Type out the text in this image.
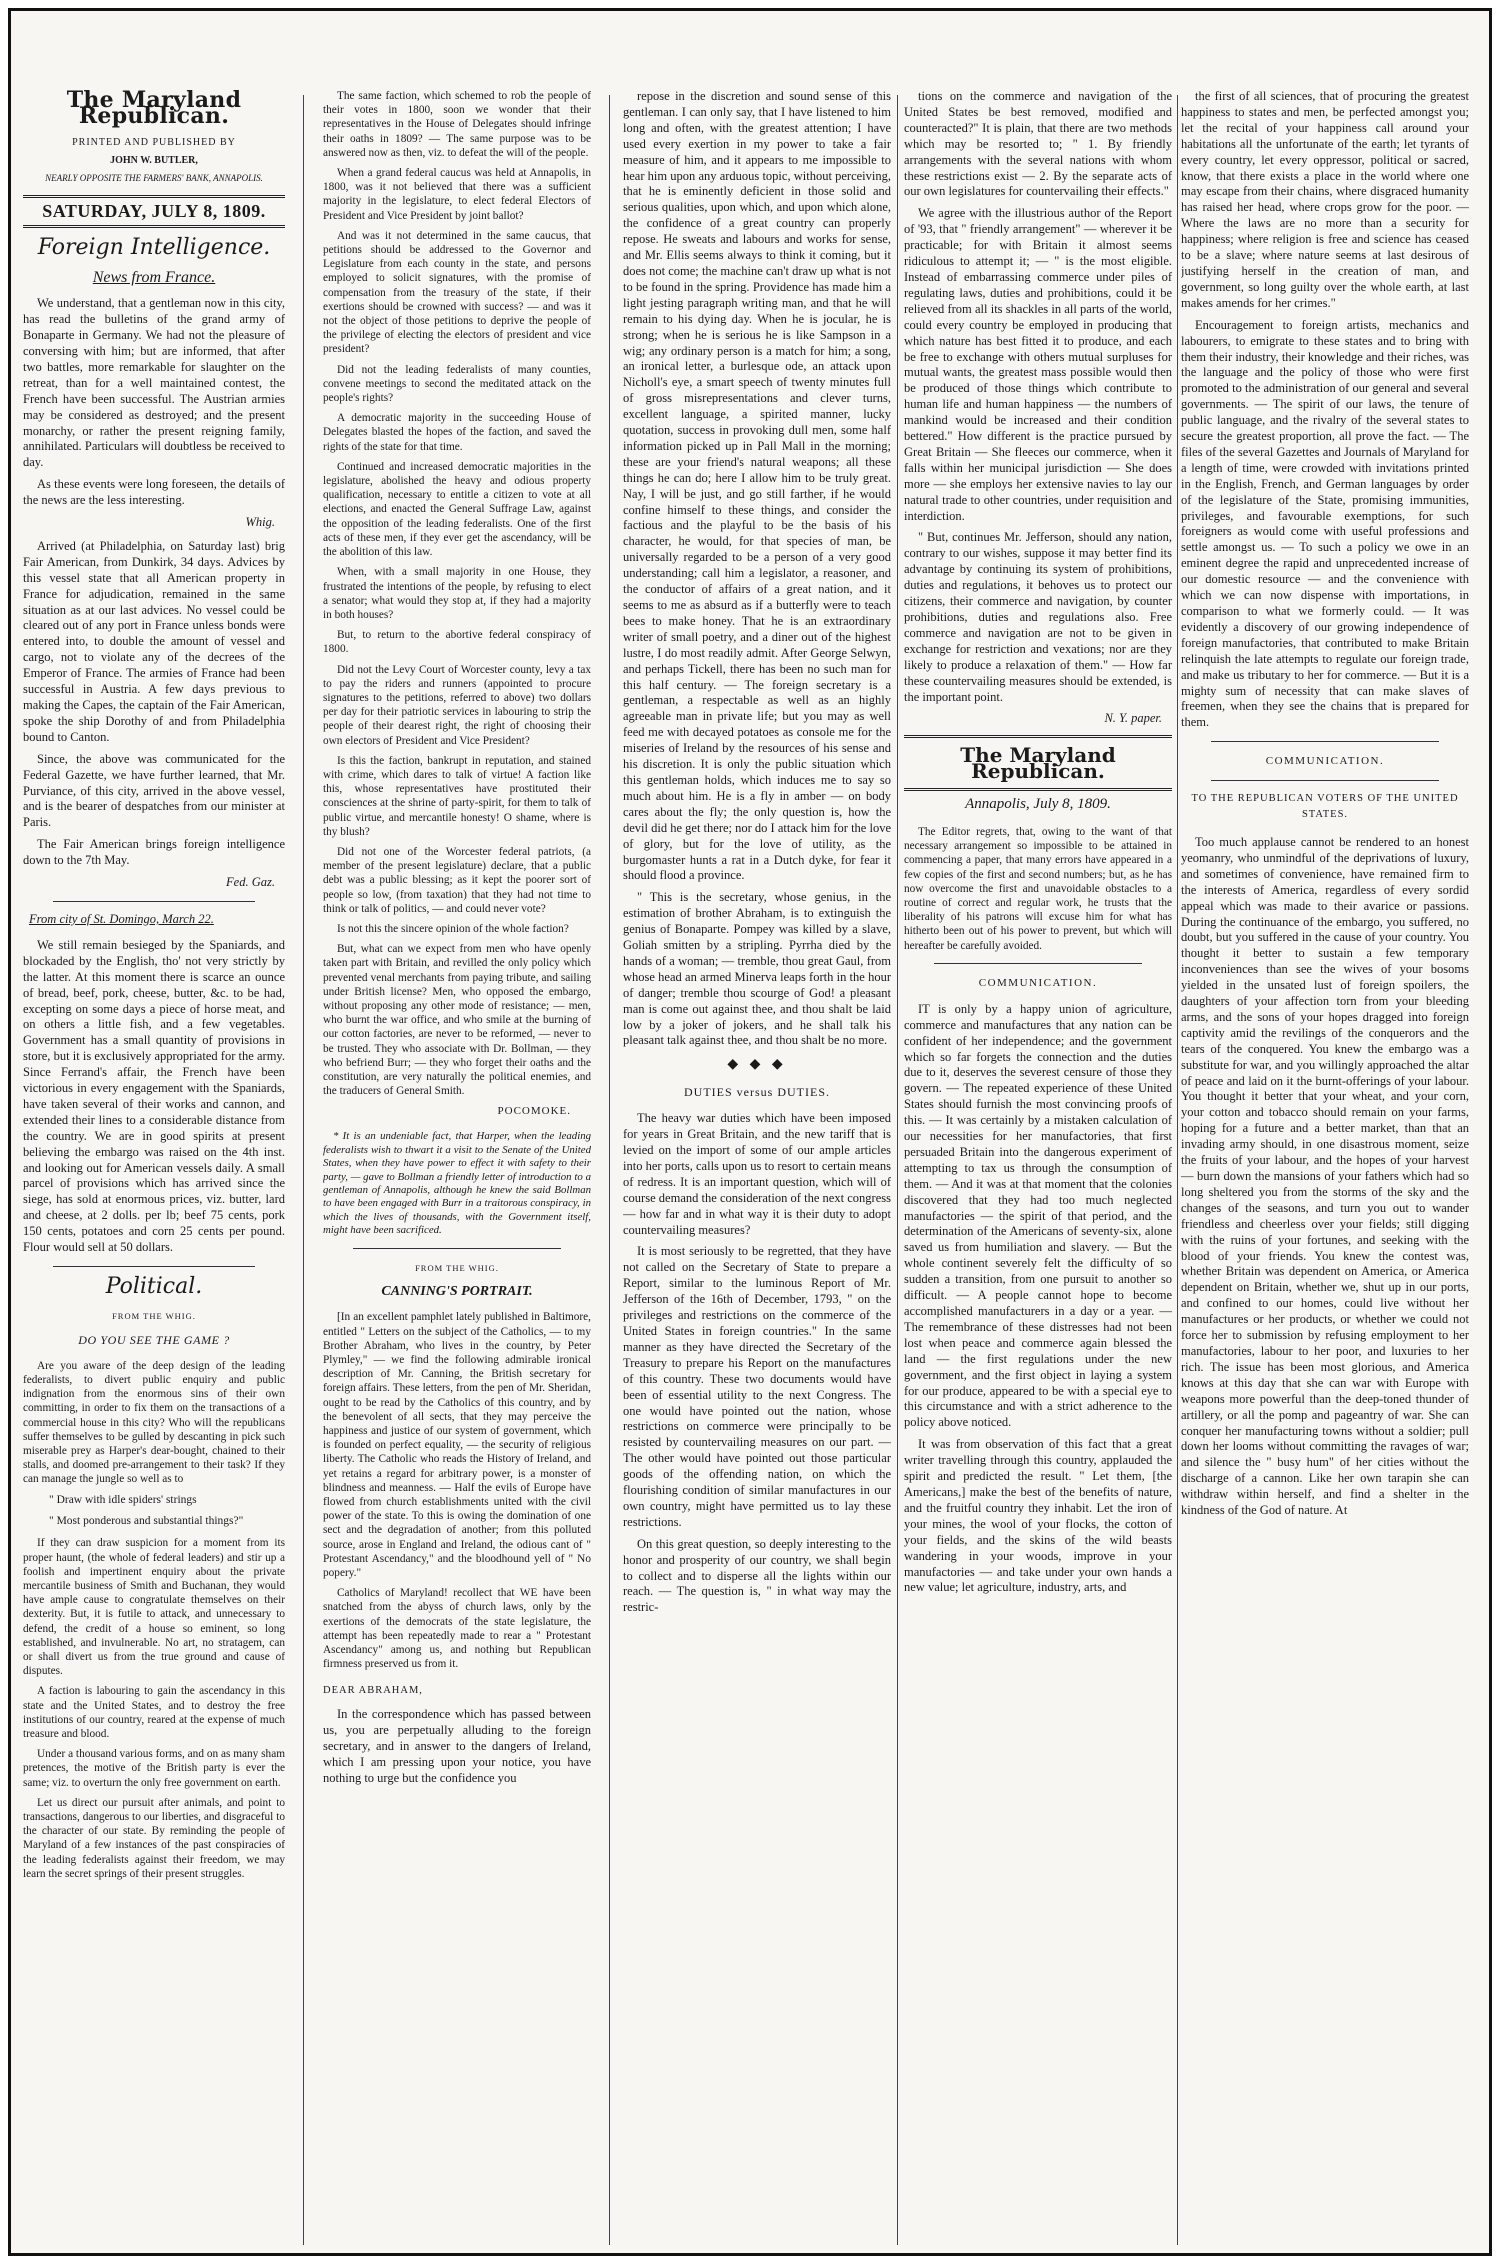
The Maryland Republican.
PRINTED AND PUBLISHED BY
JOHN W. BUTLER,
NEARLY OPPOSITE THE FARMERS' BANK, ANNAPOLIS.
SATURDAY, JULY 8, 1809.
Foreign Intelligence.
News from France.

We understand, that a gentleman now in this city, has read the bulletins of the grand army of Bonaparte in Germany. We had not the pleasure of conversing with him; but are informed, that after two battles, more remarkable for slaughter on the retreat, than for a well maintained contest, the French have been successful. The Austrian armies may be considered as destroyed; and the present monarchy, or rather the present reigning family, annihilated. Particulars will doubtless be received to day.

As these events were long foreseen, the details of the news are the less interesting.

Whig.

Arrived (at Philadelphia, on Saturday last) brig Fair American, from Dunkirk, 34 days. Advices by this vessel state that all American property in France for adjudication, remained in the same situation as at our last advices. No vessel could be cleared out of any port in France unless bonds were entered into, to double the amount of vessel and cargo, not to violate any of the decrees of the Emperor of France. The armies of France had been successful in Austria. A few days previous to making the Capes, the captain of the Fair American, spoke the ship Dorothy of and from Philadelphia bound to Canton.

Since, the above was communicated for the Federal Gazette, we have further learned, that Mr. Purviance, of this city, arrived in the above vessel, and is the bearer of despatches from our minister at Paris.

The Fair American brings foreign intelligence down to the 7th May.

Fed. Gaz.
From city of St. Domingo, March 22.

We still remain besieged by the Spaniards, and blockaded by the English, tho' not very strictly by the latter. At this moment there is scarce an ounce of bread, beef, pork, cheese, butter, &c. to be had, excepting on some days a piece of horse meat, and on others a little fish, and a few vegetables. Government has a small quantity of provisions in store, but it is exclusively appropriated for the army. Since Ferrand's affair, the French have been victorious in every engagement with the Spaniards, have taken several of their works and cannon, and extended their lines to a considerable distance from the country. We are in good spirits at present believing the embargo was raised on the 4th inst. and looking out for American vessels daily. A small parcel of provisions which has arrived since the siege, has sold at enormous prices, viz. butter, lard and cheese, at 2 dolls. per lb; beef 75 cents, pork 150 cents, potatoes and corn 25 cents per pound. Flour would sell at 50 dollars.

Political.
FROM THE WHIG.
DO YOU SEE THE GAME ?

Are you aware of the deep design of the leading federalists, to divert public enquiry and public indignation from the enormous sins of their own committing, in order to fix them on the transactions of a commercial house in this city? Who will the republicans suffer themselves to be gulled by descanting in pick such miserable prey as Harper's dear-bought, chained to their stalls, and doomed pre-arrangement to their task? If they can manage the jungle so well as to

" Draw with idle spiders' strings
" Most ponderous and substantial things?"

If they can draw suspicion for a moment from its proper haunt, (the whole of federal leaders) and stir up a foolish and impertinent enquiry about the private mercantile business of Smith and Buchanan, they would have ample cause to congratulate themselves on their dexterity. But, it is futile to attack, and unnecessary to defend, the credit of a house so eminent, so long established, and invulnerable. No art, no stratagem, can or shall divert us from the true ground and cause of disputes.

A faction is labouring to gain the ascendancy in this state and the United States, and to destroy the free institutions of our country, reared at the expense of much treasure and blood.

Under a thousand various forms, and on as many sham pretences, the motive of the British party is ever the same; viz. to overturn the only free government on earth.

Let us direct our pursuit after animals, and point to transactions, dangerous to our liberties, and disgraceful to the character of our state. By reminding the people of Maryland of a few instances of the past conspiracies of the leading federalists against their freedom, we may learn the secret springs of their present struggles.

The same faction, which schemed to rob the people of their votes in 1800, soon we wonder that their representatives in the House of Delegates should infringe their oaths in 1809? — The same purpose was to be answered now as then, viz. to defeat the will of the people.

When a grand federal caucus was held at Annapolis, in 1800, was it not believed that there was a sufficient majority in the legislature, to elect federal Electors of President and Vice President by joint ballot?

And was it not determined in the same caucus, that petitions should be addressed to the Governor and Legislature from each county in the state, and persons employed to solicit signatures, with the promise of compensation from the treasury of the state, if their exertions should be crowned with success? — and was it not the object of those petitions to deprive the people of the privilege of electing the electors of president and vice president?

Did not the leading federalists of many counties, convene meetings to second the meditated attack on the people's rights?

A democratic majority in the succeeding House of Delegates blasted the hopes of the faction, and saved the rights of the state for that time.

Continued and increased democratic majorities in the legislature, abolished the heavy and odious property qualification, necessary to entitle a citizen to vote at all elections, and enacted the General Suffrage Law, against the opposition of the leading federalists. One of the first acts of these men, if they ever get the ascendancy, will be the abolition of this law.

When, with a small majority in one House, they frustrated the intentions of the people, by refusing to elect a senator; what would they stop at, if they had a majority in both houses?

But, to return to the abortive federal conspiracy of 1800.

Did not the Levy Court of Worcester county, levy a tax to pay the riders and runners (appointed to procure signatures to the petitions, referred to above) two dollars per day for their patriotic services in labouring to strip the people of their dearest right, the right of choosing their own electors of President and Vice President?

Is this the faction, bankrupt in reputation, and stained with crime, which dares to talk of virtue! A faction like this, whose representatives have prostituted their consciences at the shrine of party-spirit, for them to talk of public virtue, and mercantile honesty! O shame, where is thy blush?

Did not one of the Worcester federal patriots, (a member of the present legislature) declare, that a public debt was a public blessing; as it kept the poorer sort of people so low, (from taxation) that they had not time to think or talk of politics, — and could never vote?

Is not this the sincere opinion of the whole faction?

But, what can we expect from men who have openly taken part with Britain, and revilled the only policy which prevented venal merchants from paying tribute, and sailing under British license? Men, who opposed the embargo, without proposing any other mode of resistance; — men, who burnt the war office, and who smile at the burning of our cotton factories, are never to be reformed, — never to be trusted. They who associate with Dr. Bollman, — they who befriend Burr; — they who forget their oaths and the constitution, are very naturally the political enemies, and the traducers of General Smith.

POCOMOKE.

* It is an undeniable fact, that Harper, when the leading federalists wish to thwart it a visit to the Senate of the United States, when they have power to effect it with safety to their party, — gave to Bollman a friendly letter of introduction to a gentleman of Annapolis, although he knew the said Bollman to have been engaged with Burr in a traitorous conspiracy, in which the lives of thousands, with the Government itself, might have been sacrificed.

FROM THE WHIG.
CANNING'S PORTRAIT.

[In an excellent pamphlet lately published in Baltimore, entitled " Letters on the subject of the Catholics, — to my Brother Abraham, who lives in the country, by Peter Plymley," — we find the following admirable ironical description of Mr. Canning, the British secretary for foreign affairs. These letters, from the pen of Mr. Sheridan, ought to be read by the Catholics of this country, and by the benevolent of all sects, that they may perceive the happiness and justice of our system of government, which is founded on perfect equality, — the security of religious liberty. The Catholic who reads the History of Ireland, and yet retains a regard for arbitrary power, is a monster of blindness and meanness. — Half the evils of Europe have flowed from church establishments united with the civil power of the state. To this is owing the domination of one sect and the degradation of another; from this polluted source, arose in England and Ireland, the odious cant of " Protestant Ascendancy," and the bloodhound yell of " No popery."

Catholics of Maryland! recollect that WE have been snatched from the abyss of church laws, only by the exertions of the democrats of the state legislature, the attempt has been repeatedly made to rear a " Protestant Ascendancy" among us, and nothing but Republican firmness preserved us from it.

DEAR ABRAHAM,

In the correspondence which has passed between us, you are perpetually alluding to the foreign secretary, and in answer to the dangers of Ireland, which I am pressing upon your notice, you have nothing to urge but the confidence you

repose in the discretion and sound sense of this gentleman. I can only say, that I have listened to him long and often, with the greatest attention; I have used every exertion in my power to take a fair measure of him, and it appears to me impossible to hear him upon any arduous topic, without perceiving, that he is eminently deficient in those solid and serious qualities, upon which, and upon which alone, the confidence of a great country can properly repose. He sweats and labours and works for sense, and Mr. Ellis seems always to think it coming, but it does not come; the machine can't draw up what is not to be found in the spring. Providence has made him a light jesting paragraph writing man, and that he will remain to his dying day. When he is jocular, he is strong; when he is serious he is like Sampson in a wig; any ordinary person is a match for him; a song, an ironical letter, a burlesque ode, an attack upon Nicholl's eye, a smart speech of twenty minutes full of gross misrepresentations and clever turns, excellent language, a spirited manner, lucky quotation, success in provoking dull men, some half information picked up in Pall Mall in the morning; these are your friend's natural weapons; all these things he can do; here I allow him to be truly great. Nay, I will be just, and go still farther, if he would confine himself to these things, and consider the factious and the playful to be the basis of his character, he would, for that species of man, be universally regarded to be a person of a very good understanding; call him a legislator, a reasoner, and the conductor of affairs of a great nation, and it seems to me as absurd as if a butterfly were to teach bees to make honey. That he is an extraordinary writer of small poetry, and a diner out of the highest lustre, I do most readily admit. After George Selwyn, and perhaps Tickell, there has been no such man for this half century. — The foreign secretary is a gentleman, a respectable as well as an highly agreeable man in private life; but you may as well feed me with decayed potatoes as console me for the miseries of Ireland by the resources of his sense and his discretion. It is only the public situation which this gentleman holds, which induces me to say so much about him. He is a fly in amber — on body cares about the fly; the only question is, how the devil did he get there; nor do I attack him for the love of glory, but for the love of utility, as the burgomaster hunts a rat in a Dutch dyke, for fear it should flood a province.

" This is the secretary, whose genius, in the estimation of brother Abraham, is to extinguish the genius of Bonaparte. Pompey was killed by a slave, Goliah smitten by a stripling. Pyrrha died by the hands of a woman; — tremble, thou great Gaul, from whose head an armed Minerva leaps forth in the hour of danger; tremble thou scourge of God! a pleasant man is come out against thee, and thou shalt be laid low by a joker of jokers, and he shall talk his pleasant talk against thee, and thou shalt be no more.

◆ ◆ ◆
DUTIES versus DUTIES.

The heavy war duties which have been imposed for years in Great Britain, and the new tariff that is levied on the import of some of our ample articles into her ports, calls upon us to resort to certain means of redress. It is an important question, which will of course demand the consideration of the next congress — how far and in what way it is their duty to adopt countervailing measures?

It is most seriously to be regretted, that they have not called on the Secretary of State to prepare a Report, similar to the luminous Report of Mr. Jefferson of the 16th of December, 1793, " on the privileges and restrictions on the commerce of the United States in foreign countries." In the same manner as they have directed the Secretary of the Treasury to prepare his Report on the manufactures of this country. These two documents would have been of essential utility to the next Congress. The one would have pointed out the nation, whose restrictions on commerce were principally to be resisted by countervailing measures on our part. — The other would have pointed out those particular goods of the offending nation, on which the flourishing condition of similar manufactures in our own country, might have permitted us to lay these restrictions.

On this great question, so deeply interesting to the honor and prosperity of our country, we shall begin to collect and to disperse all the lights within our reach. — The question is, " in what way may the restric-

tions on the commerce and navigation of the United States be best removed, modified and counteracted?" It is plain, that there are two methods which may be resorted to; " 1. By friendly arrangements with the several nations with whom these restrictions exist — 2. By the separate acts of our own legislatures for countervailing their effects."

We agree with the illustrious author of the Report of '93, that " friendly arrangement" — wherever it be practicable; for with Britain it almost seems ridiculous to attempt it; — " is the most eligible. Instead of embarrassing commerce under piles of regulating laws, duties and prohibitions, could it be relieved from all its shackles in all parts of the world, could every country be employed in producing that which nature has best fitted it to produce, and each be free to exchange with others mutual surpluses for mutual wants, the greatest mass possible would then be produced of those things which contribute to human life and human happiness — the numbers of mankind would be increased and their condition bettered." How different is the practice pursued by Great Britain — She fleeces our commerce, when it falls within her municipal jurisdiction — She does more — she employs her extensive navies to lay our natural trade to other countries, under requisition and interdiction.

" But, continues Mr. Jefferson, should any nation, contrary to our wishes, suppose it may better find its advantage by continuing its system of prohibitions, duties and regulations, it behoves us to protect our citizens, their commerce and navigation, by counter prohibitions, duties and regulations also. Free commerce and navigation are not to be given in exchange for restriction and vexations; nor are they likely to produce a relaxation of them." — How far these countervailing measures should be extended, is the important point.

N. Y. paper.
The Maryland Republican.
Annapolis, July 8, 1809.

The Editor regrets, that, owing to the want of that necessary arrangement so impossible to be attained in commencing a paper, that many errors have appeared in a few copies of the first and second numbers; but, as he has now overcome the first and unavoidable obstacles to a routine of correct and regular work, he trusts that the liberality of his patrons will excuse him for what has hitherto been out of his power to prevent, but which will hereafter be carefully avoided.

COMMUNICATION.

IT is only by a happy union of agriculture, commerce and manufactures that any nation can be confident of her independence; and the government which so far forgets the connection and the duties due to it, deserves the severest censure of those they govern. — The repeated experience of these United States should furnish the most convincing proofs of this. — It was certainly by a mistaken calculation of our necessities for her manufactories, that first persuaded Britain into the dangerous experiment of attempting to tax us through the consumption of them. — And it was at that moment that the colonies discovered that they had too much neglected manufactories — the spirit of that period, and the determination of the Americans of seventy-six, alone saved us from humiliation and slavery. — But the whole continent severely felt the difficulty of so sudden a transition, from one pursuit to another so difficult. — A people cannot hope to become accomplished manufacturers in a day or a year. — The remembrance of these distresses had not been lost when peace and commerce again blessed the land — the first regulations under the new government, and the first object in laying a system for our produce, appeared to be with a special eye to this circumstance and with a strict adherence to the policy above noticed.

It was from observation of this fact that a great writer travelling through this country, applauded the spirit and predicted the result. " Let them, [the Americans,] make the best of the benefits of nature, and the fruitful country they inhabit. Let the iron of your mines, the wool of your flocks, the cotton of your fields, and the skins of the wild beasts wandering in your woods, improve in your manufactories — and take under your own hands a new value; let agriculture, industry, arts, and

the first of all sciences, that of procuring the greatest happiness to states and men, be perfected amongst you; let the recital of your happiness call around your habitations all the unfortunate of the earth; let tyrants of every country, let every oppressor, political or sacred, know, that there exists a place in the world where one may escape from their chains, where disgraced humanity has raised her head, where crops grow for the poor. — Where the laws are no more than a security for happiness; where religion is free and science has ceased to be a slave; where nature seems at last desirous of justifying herself in the creation of man, and government, so long guilty over the whole earth, at last makes amends for her crimes."

Encouragement to foreign artists, mechanics and labourers, to emigrate to these states and to bring with them their industry, their knowledge and their riches, was the language and the policy of those who were first promoted to the administration of our general and several governments. — The spirit of our laws, the tenure of public language, and the rivalry of the several states to secure the greatest proportion, all prove the fact. — The files of the several Gazettes and Journals of Maryland for a length of time, were crowded with invitations printed in the English, French, and German languages by order of the legislature of the State, promising immunities, privileges, and favourable exemptions, for such foreigners as would come with useful professions and settle amongst us. — To such a policy we owe in an eminent degree the rapid and unprecedented increase of our domestic resource — and the convenience with which we can now dispense with importations, in comparison to what we formerly could. — It was evidently a discovery of our growing independence of foreign manufactories, that contributed to make Britain relinquish the late attempts to regulate our foreign trade, and make us tributary to her for commerce. — But it is a mighty sum of necessity that can make slaves of freemen, when they see the chains that is prepared for them.

COMMUNICATION.
TO THE REPUBLICAN VOTERS OF THE UNITED STATES.

Too much applause cannot be rendered to an honest yeomanry, who unmindful of the deprivations of luxury, and sometimes of convenience, have remained firm to the interests of America, regardless of every sordid appeal which was made to their avarice or passions. During the continuance of the embargo, you suffered, no doubt, but you suffered in the cause of your country. You thought it better to sustain a few temporary inconveniences than see the wives of your bosoms yielded in the unsated lust of foreign spoilers, the daughters of your affection torn from your bleeding arms, and the sons of your hopes dragged into foreign captivity amid the revilings of the conquerors and the tears of the conquered. You knew the embargo was a substitute for war, and you willingly approached the altar of peace and laid on it the burnt-offerings of your labour. You thought it better that your wheat, and your corn, your cotton and tobacco should remain on your farms, hoping for a future and a better market, than that an invading army should, in one disastrous moment, seize the fruits of your labour, and the hopes of your harvest — burn down the mansions of your fathers which had so long sheltered you from the storms of the sky and the changes of the seasons, and turn you out to wander friendless and cheerless over your fields; still digging with the ruins of your fortunes, and seeking with the blood of your friends. You knew the contest was, whether Britain was dependent on America, or America dependent on Britain, whether we, shut up in our ports, and confined to our homes, could live without her manufactures or her products, or whether we could not force her to submission by refusing employment to her manufactories, labour to her poor, and luxuries to her rich. The issue has been most glorious, and America knows at this day that she can war with Europe with weapons more powerful than the deep-toned thunder of artillery, or all the pomp and pageantry of war. She can conquer her manufacturing towns without a soldier; pull down her looms without committing the ravages of war; and silence the " busy hum" of her cities without the discharge of a cannon. Like her own tarapin she can withdraw within herself, and find a shelter in the kindness of the God of nature. At
